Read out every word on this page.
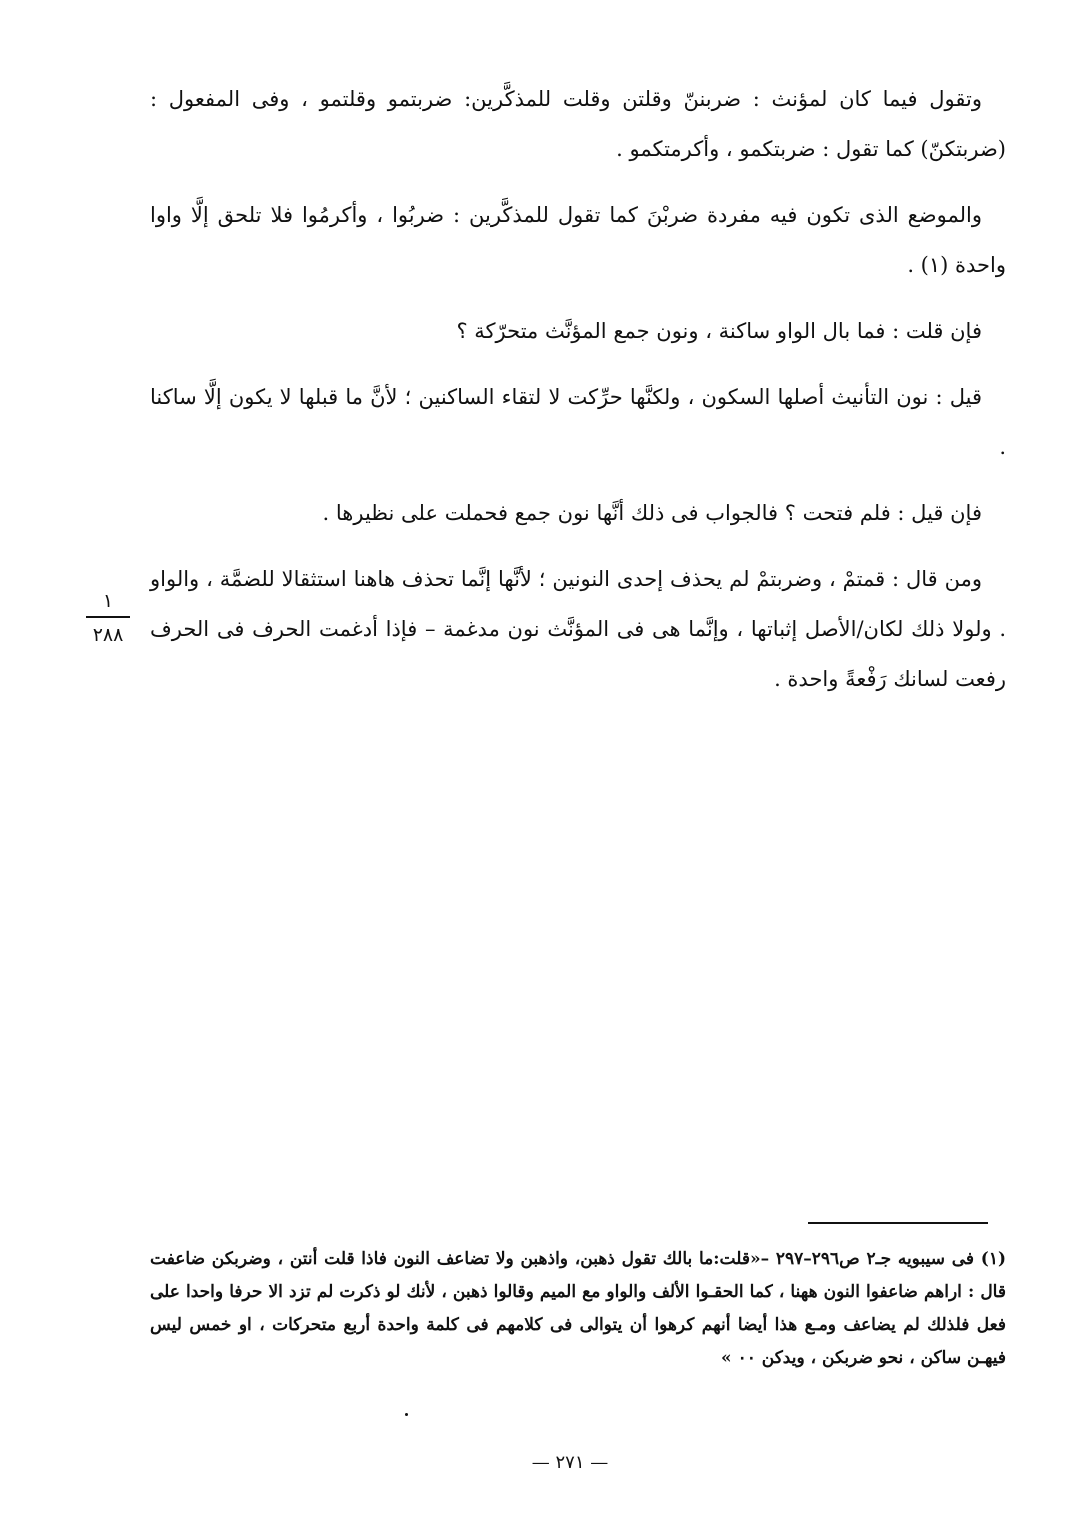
وتقول فيما كان لمؤنث : ضربننّ وقلتن وقلت للمذكَّرين: ضربتمو وقلتمو ، وفى المفعول : (ضربتكنّ) كما تقول : ضربتكمو ، وأكرمتكمو .

والموضع الذى تكون فيه مفردة ضربْنَ كما تقول للمذكَّرين : ضربُوا ، وأكرمُوا فلا تلحق إلَّا واوا واحدة (١) .

فإن قلت : فما بال الواو ساكنة ، ونون جمع المؤنَّث متحرّكة ؟

قيل : نون التأنيث أصلها السكون ، ولكنَّها حرِّكت لا لتقاء الساكنين ؛ لأنَّ ما قبلها لا يكون إلَّا ساكنا .

فإن قيل : فلم فتحت ؟ فالجواب فى ذلك أنَّها نون جمع فحملت على نظيرها .

ومن قال : قمتمْ ، وضربتمْ لم يحذف إحدى النونين ؛ لأنَّها إنَّما تحذف هاهنا استثقالا للضمَّة ، والواو . ولولا ذلك لكان/الأصل إثباتها ، وإنَّما هى فى المؤنَّث نون مدغمة – فإذا أدغمت الحرف فى الحرف رفعت لسانك رَفْعةً واحدة .

١
٢٨٨
(١) فى سيبويه جـ٢ ص٢٩٦–٢٩٧ –«قلت:ما بالك تقول ذهبن، واذهبن ولا تضاعف النون فاذا قلت أنتن ، وضربكن ضاعفت قال : اراهم ضاعفوا النون ههنا ، كما الحقـوا الألف والواو مع الميم وقالوا ذهبن ، لأنك لو ذكرت لم تزد الا حرفا واحدا على فعل فلذلك لم يضاعف ومـع هذا أيضا أنهم كرهوا أن يتوالى فى كلامهم فى كلمة واحدة أربع متحركات ، او خمس ليس فيهـن ساكن ، نحو ضربكن ، ويدكن ٠٠ »
— ٢٧١ —
